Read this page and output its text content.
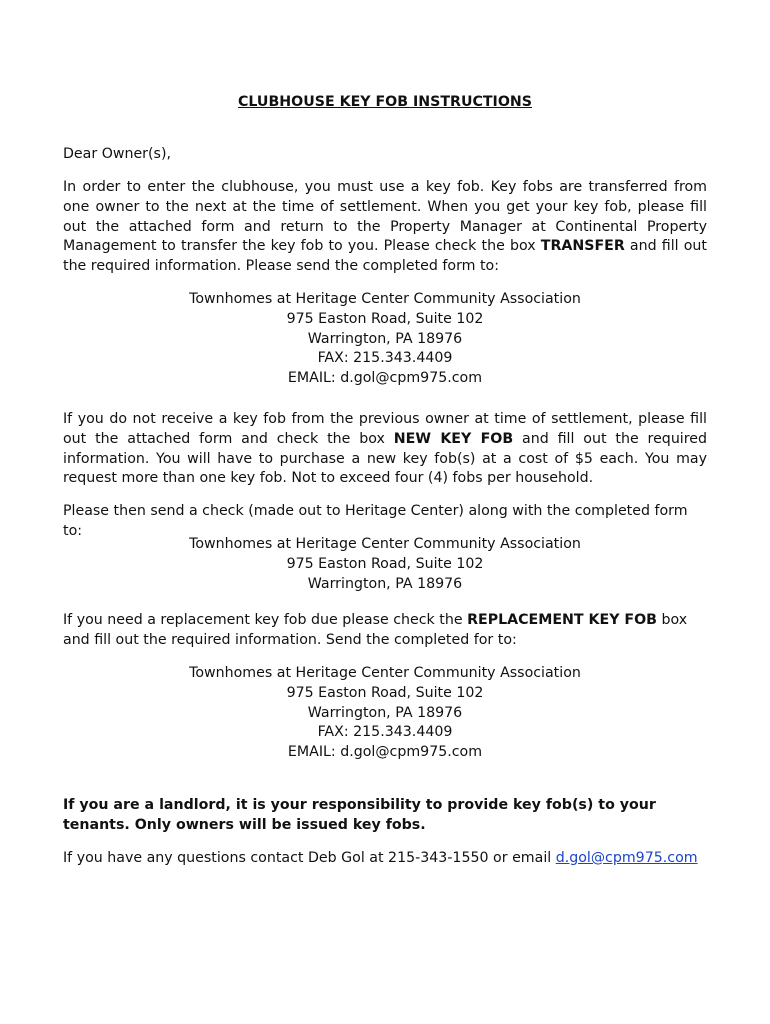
CLUBHOUSE KEY FOB INSTRUCTIONS
Dear Owner(s),
In order to enter the clubhouse, you must use a key fob. Key fobs are transferred from one owner to the next at the time of settlement. When you get your key fob, please fill out the attached form and return to the Property Manager at Continental Property Management to transfer the key fob to you. Please check the box TRANSFER and fill out the required information. Please send the completed form to:
Townhomes at Heritage Center Community Association
975 Easton Road, Suite 102
Warrington, PA 18976
FAX: 215.343.4409
EMAIL: d.gol@cpm975.com
If you do not receive a key fob from the previous owner at time of settlement, please fill out the attached form and check the box NEW KEY FOB and fill out the required information. You will have to purchase a new key fob(s) at a cost of $5 each. You may request more than one key fob. Not to exceed four (4) fobs per household.
Please then send a check (made out to Heritage Center) along with the completed form to:
Townhomes at Heritage Center Community Association
975 Easton Road, Suite 102
Warrington, PA 18976
If you need a replacement key fob due please check the REPLACEMENT KEY FOB box and fill out the required information. Send the completed for to:
Townhomes at Heritage Center Community Association
975 Easton Road, Suite 102
Warrington, PA 18976
FAX: 215.343.4409
EMAIL: d.gol@cpm975.com
If you are a landlord, it is your responsibility to provide key fob(s) to your tenants. Only owners will be issued key fobs.
If you have any questions contact Deb Gol at 215-343-1550 or email d.gol@cpm975.com
